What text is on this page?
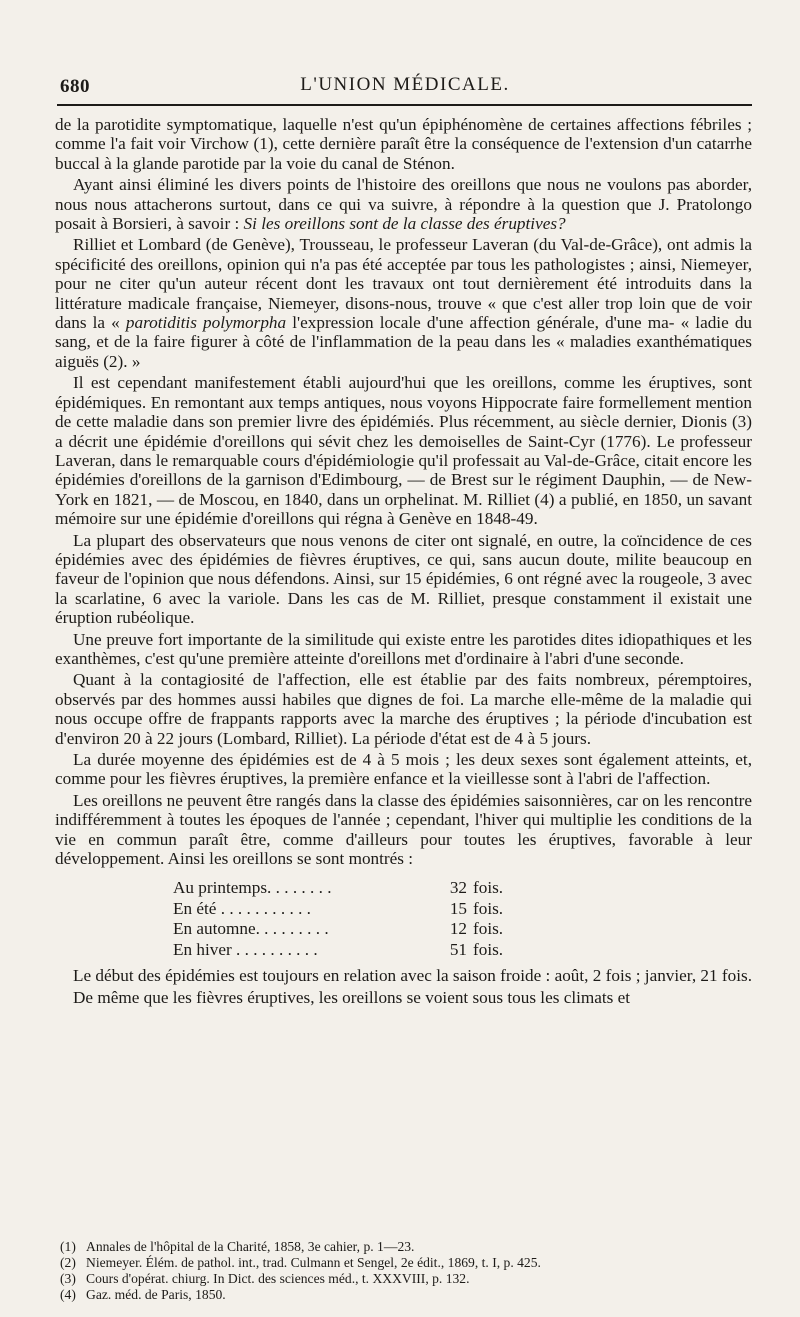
680	L'UNION MÉDICALE.

de la parotidite symptomatique, laquelle n'est qu'un épiphénomène de certaines affections fébriles ; comme l'a fait voir Virchow (1), cette dernière paraît être la conséquence de l'extension d'un catarrhe buccal à la glande parotide par la voie du canal de Sténon.

Ayant ainsi éliminé les divers points de l'histoire des oreillons que nous ne voulons pas aborder, nous nous attacherons surtout, dans ce qui va suivre, à répondre à la question que J. Pratolongo posait à Borsieri, à savoir : Si les oreillons sont de la classe des éruptives?

Rilliet et Lombard (de Genève), Trousseau, le professeur Laveran (du Val-de-Grâce), ont admis la spécificité des oreillons, opinion qui n'a pas été acceptée par tous les pathologistes ; ainsi, Niemeyer, pour ne citer qu'un auteur récent dont les travaux ont tout dernièrement été introduits dans la littérature madicale française, Niemeyer, disons-nous, trouve « que c'est aller trop loin que de voir dans la « parotiditis polymorpha l'expression locale d'une affection générale, d'une ma- « ladie du sang, et de la faire figurer à côté de l'inflammation de la peau dans les « maladies exanthématiques aiguës (2). »

Il est cependant manifestement établi aujourd'hui que les oreillons, comme les éruptives, sont épidémiques. En remontant aux temps antiques, nous voyons Hippocrate faire formellement mention de cette maladie dans son premier livre des épidémiés. Plus récemment, au siècle dernier, Dionis (3) a décrit une épidémie d'oreillons qui sévit chez les demoiselles de Saint-Cyr (1776). Le professeur Laveran, dans le remarquable cours d'épidémiologie qu'il professait au Val-de-Grâce, citait encore les épidémies d'oreillons de la garnison d'Edimbourg, — de Brest sur le régiment Dauphin, — de New-York en 1821, — de Moscou, en 1840, dans un orphelinat. M. Rilliet (4) a publié, en 1850, un savant mémoire sur une épidémie d'oreillons qui régna à Genève en 1848-49.

La plupart des observateurs que nous venons de citer ont signalé, en outre, la coïncidence de ces épidémies avec des épidémies de fièvres éruptives, ce qui, sans aucun doute, milite beaucoup en faveur de l'opinion que nous défendons. Ainsi, sur 15 épidémies, 6 ont régné avec la rougeole, 3 avec la scarlatine, 6 avec la variole. Dans les cas de M. Rilliet, presque constamment il existait une éruption rubéolique.

Une preuve fort importante de la similitude qui existe entre les parotides dites idiopathiques et les exanthèmes, c'est qu'une première atteinte d'oreillons met d'ordinaire à l'abri d'une seconde.

Quant à la contagiosité de l'affection, elle est établie par des faits nombreux, péremptoires, observés par des hommes aussi habiles que dignes de foi. La marche elle-même de la maladie qui nous occupe offre de frappants rapports avec la marche des éruptives ; la période d'incubation est d'environ 20 à 22 jours (Lombard, Rilliet). La période d'état est de 4 à 5 jours.

La durée moyenne des épidémies est de 4 à 5 mois ; les deux sexes sont également atteints, et, comme pour les fièvres éruptives, la première enfance et la vieillesse sont à l'abri de l'affection.

Les oreillons ne peuvent être rangés dans la classe des épidémies saisonnières, car on les rencontre indifféremment à toutes les époques de l'année ; cependant, l'hiver qui multiplie les conditions de la vie en commun paraît être, comme d'ailleurs pour toutes les éruptives, favorable à leur développement. Ainsi les oreillons se sont montrés :

Au printemps. . . . . . . .	32	fois.
En été . . . . . . . . . . .	15	fois.
En automne. . . . . . . . .	12	fois.
En hiver . . . . . . . . . .	51	fois.

Le début des épidémies est toujours en relation avec la saison froide : août, 2 fois ; janvier, 21 fois.

De même que les fièvres éruptives, les oreillons se voient sous tous les climats et

(1) Annales de l'hôpital de la Charité, 1858, 3e cahier, p. 1—23.
(2) Niemeyer. Élém. de pathol. int., trad. Culmann et Sengel, 2e édit., 1869, t. I, p. 425.
(3) Cours d'opérat. chiurg. In Dict. des sciences méd., t. XXXVIII, p. 132.
(4) Gaz. méd. de Paris, 1850.
